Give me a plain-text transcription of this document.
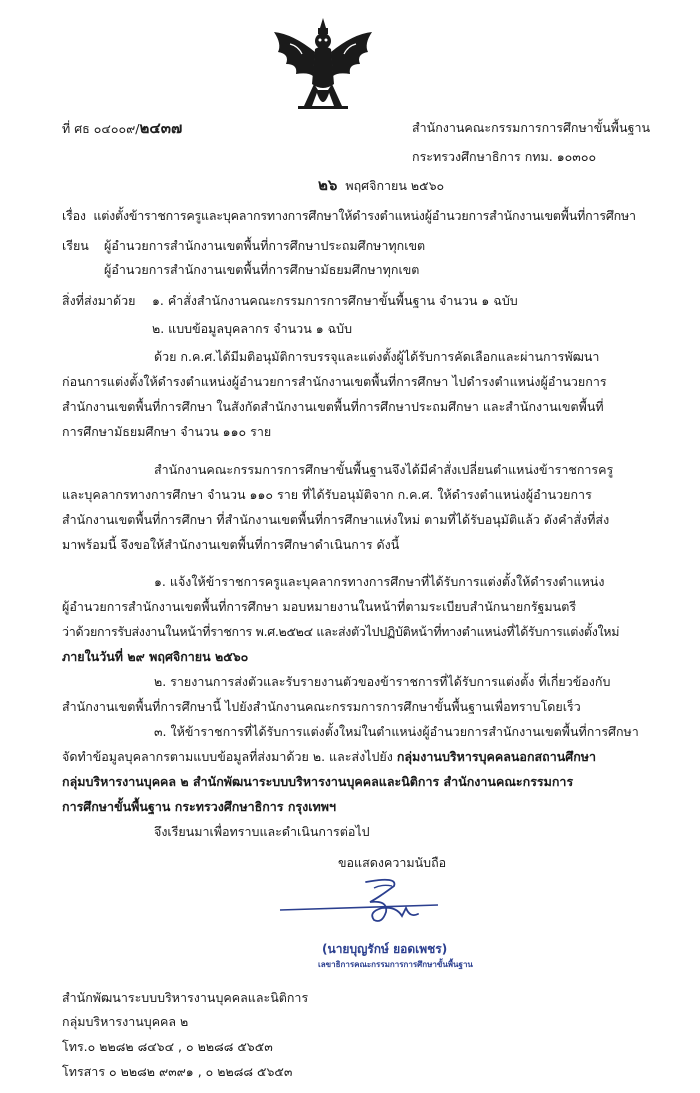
ที่ ศธ ๐๔๐๐๙/๒๔๓๗	สำนักงานคณะกรรมการการศึกษาขั้นพื้นฐาน
กระทรวงศึกษาธิการ กทม. ๑๐๓๐๐
๒๖ พฤศจิกายน ๒๕๖๐
เรื่อง แต่งตั้งข้าราชการครูและบุคลากรทางการศึกษาให้ดำรงตำแหน่งผู้อำนวยการสำนักงานเขตพื้นที่การศึกษา
เรียน ผู้อำนวยการสำนักงานเขตพื้นที่การศึกษาประถมศึกษาทุกเขต
ผู้อำนวยการสำนักงานเขตพื้นที่การศึกษามัธยมศึกษาทุกเขต
สิ่งที่ส่งมาด้วย ๑. คำสั่งสำนักงานคณะกรรมการการศึกษาขั้นพื้นฐาน จำนวน ๑ ฉบับ
๒. แบบข้อมูลบุคลากร จำนวน ๑ ฉบับ
ด้วย ก.ค.ศ.ได้มีมติอนุมัติการบรรจุและแต่งตั้งผู้ได้รับการคัดเลือกและผ่านการพัฒนา
ก่อนการแต่งตั้งให้ดำรงตำแหน่งผู้อำนวยการสำนักงานเขตพื้นที่การศึกษา ไปดำรงตำแหน่งผู้อำนวยการ
สำนักงานเขตพื้นที่การศึกษา ในสังกัดสำนักงานเขตพื้นที่การศึกษาประถมศึกษา และสำนักงานเขตพื้นที่
การศึกษามัธยมศึกษา จำนวน ๑๑๐ ราย
สำนักงานคณะกรรมการการศึกษาขั้นพื้นฐานจึงได้มีคำสั่งเปลี่ยนตำแหน่งข้าราชการครู
และบุคลากรทางการศึกษา จำนวน ๑๑๐ ราย ที่ได้รับอนุมัติจาก ก.ค.ศ. ให้ดำรงตำแหน่งผู้อำนวยการ
สำนักงานเขตพื้นที่การศึกษา ที่สำนักงานเขตพื้นที่การศึกษาแห่งใหม่ ตามที่ได้รับอนุมัติแล้ว ดังคำสั่งที่ส่ง
มาพร้อมนี้ จึงขอให้สำนักงานเขตพื้นที่การศึกษาดำเนินการ ดังนี้
๑. แจ้งให้ข้าราชการครูและบุคลากรทางการศึกษาที่ได้รับการแต่งตั้งให้ดำรงตำแหน่ง
ผู้อำนวยการสำนักงานเขตพื้นที่การศึกษา มอบหมายงานในหน้าที่ตามระเบียบสำนักนายกรัฐมนตรี
ว่าด้วยการรับส่งงานในหน้าที่ราชการ พ.ศ.๒๕๒๔ และส่งตัวไปปฏิบัติหน้าที่ทางตำแหน่งที่ได้รับการแต่งตั้งใหม่
ภายในวันที่ ๒๙ พฤศจิกายน ๒๕๖๐
๒. รายงานการส่งตัวและรับรายงานตัวของข้าราชการที่ได้รับการแต่งตั้ง ที่เกี่ยวข้องกับ
สำนักงานเขตพื้นที่การศึกษานี้ ไปยังสำนักงานคณะกรรมการการศึกษาขั้นพื้นฐานเพื่อทราบโดยเร็ว
๓. ให้ข้าราชการที่ได้รับการแต่งตั้งใหม่ในตำแหน่งผู้อำนวยการสำนักงานเขตพื้นที่การศึกษา
จัดทำข้อมูลบุคลากรตามแบบข้อมูลที่ส่งมาด้วย ๒. และส่งไปยัง กลุ่มงานบริหารบุคคลนอกสถานศึกษา
กลุ่มบริหารงานบุคคล ๒ สำนักพัฒนาระบบบริหารงานบุคคลและนิติการ สำนักงานคณะกรรมการ
การศึกษาขั้นพื้นฐาน กระทรวงศึกษาธิการ กรุงเทพฯ
จึงเรียนมาเพื่อทราบและดำเนินการต่อไป
ขอแสดงความนับถือ
(นายบุญรักษ์ ยอดเพชร)
เลขาธิการคณะกรรมการการศึกษาขั้นพื้นฐาน
สำนักพัฒนาระบบบริหารงานบุคคลและนิติการ
กลุ่มบริหารงานบุคคล ๒
โทร.๐ ๒๒๘๒ ๘๔๖๔ , ๐ ๒๒๘๘ ๕๖๕๓
โทรสาร ๐ ๒๒๘๒ ๙๓๙๑ , ๐ ๒๒๘๘ ๕๖๕๓
